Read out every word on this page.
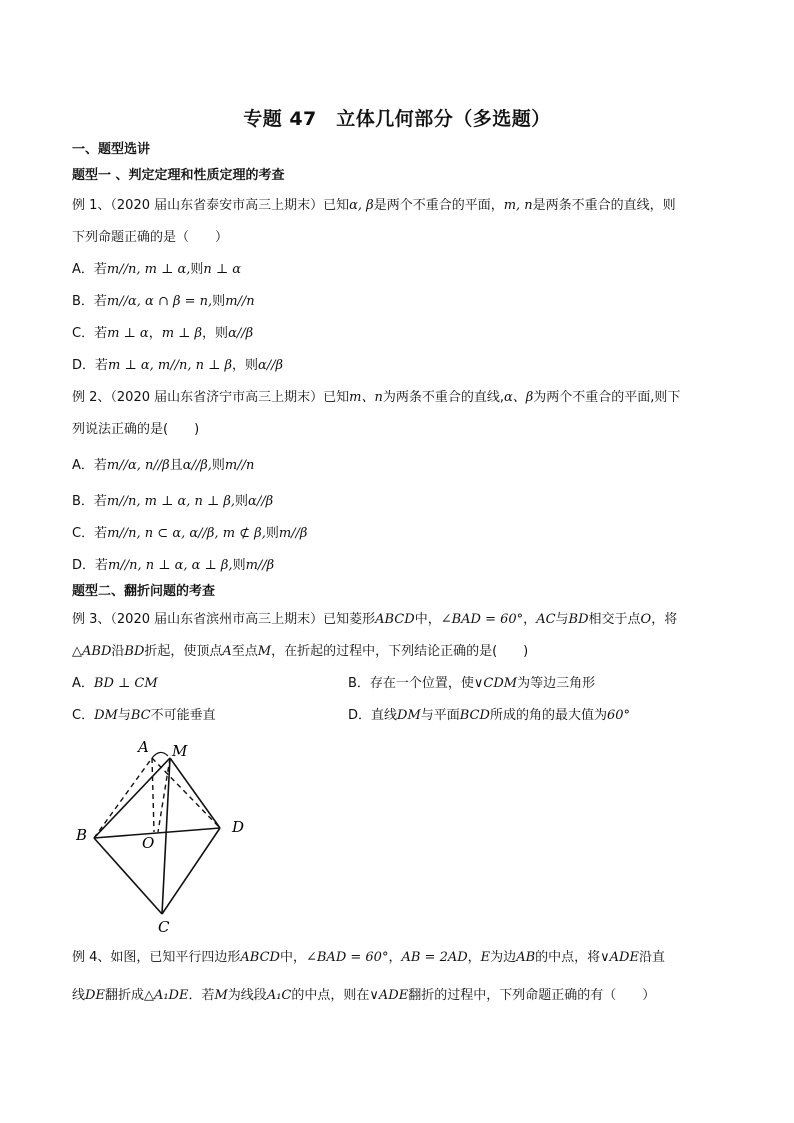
专题 47　立体几何部分（多选题）
一、题型选讲
题型一 、判定定理和性质定理的考查
例 1、（2020 届山东省泰安市高三上期末）已知α, β是两个不重合的平面，m, n是两条不重合的直线，则
下列命题正确的是（　　）
A．若m//n, m ⊥ α,则n ⊥ α
B．若m//α, α ∩ β = n,则m//n
C．若m ⊥ α，m ⊥ β，则α//β
D．若m ⊥ α, m//n, n ⊥ β，则α//β
例 2、（2020 届山东省济宁市高三上期末）已知m、n为两条不重合的直线,α、β为两个不重合的平面,则下
列说法正确的是(　　)
A．若m//α, n//β且α//β,则m//n
B．若m//n, m ⊥ α, n ⊥ β,则α//β
C．若m//n, n ⊂ α, α//β, m ⊄ β,则m//β
D．若m//n, n ⊥ α, α ⊥ β,则m//β
题型二、翻折问题的考查
例 3、（2020 届山东省滨州市高三上期末）已知菱形ABCD中，∠BAD = 60°，AC与BD相交于点O，将
△ABD沿BD折起，使顶点A至点M，在折起的过程中，下列结论正确的是(　　)
A．BD ⊥ CM	B．存在一个位置，使∨CDM为等边三角形
C．DM与BC不可能垂直	D．直线DM与平面BCD所成的角的最大值为60°
A M
B	O
D
C
例 4、如图，已知平行四边形ABCD中，∠BAD = 60°，AB = 2AD，E为边AB的中点，将∨ADE沿直
线DE翻折成△A₁DE．若M为线段A₁C的中点，则在∨ADE翻折的过程中，下列命题正确的有（　　）
